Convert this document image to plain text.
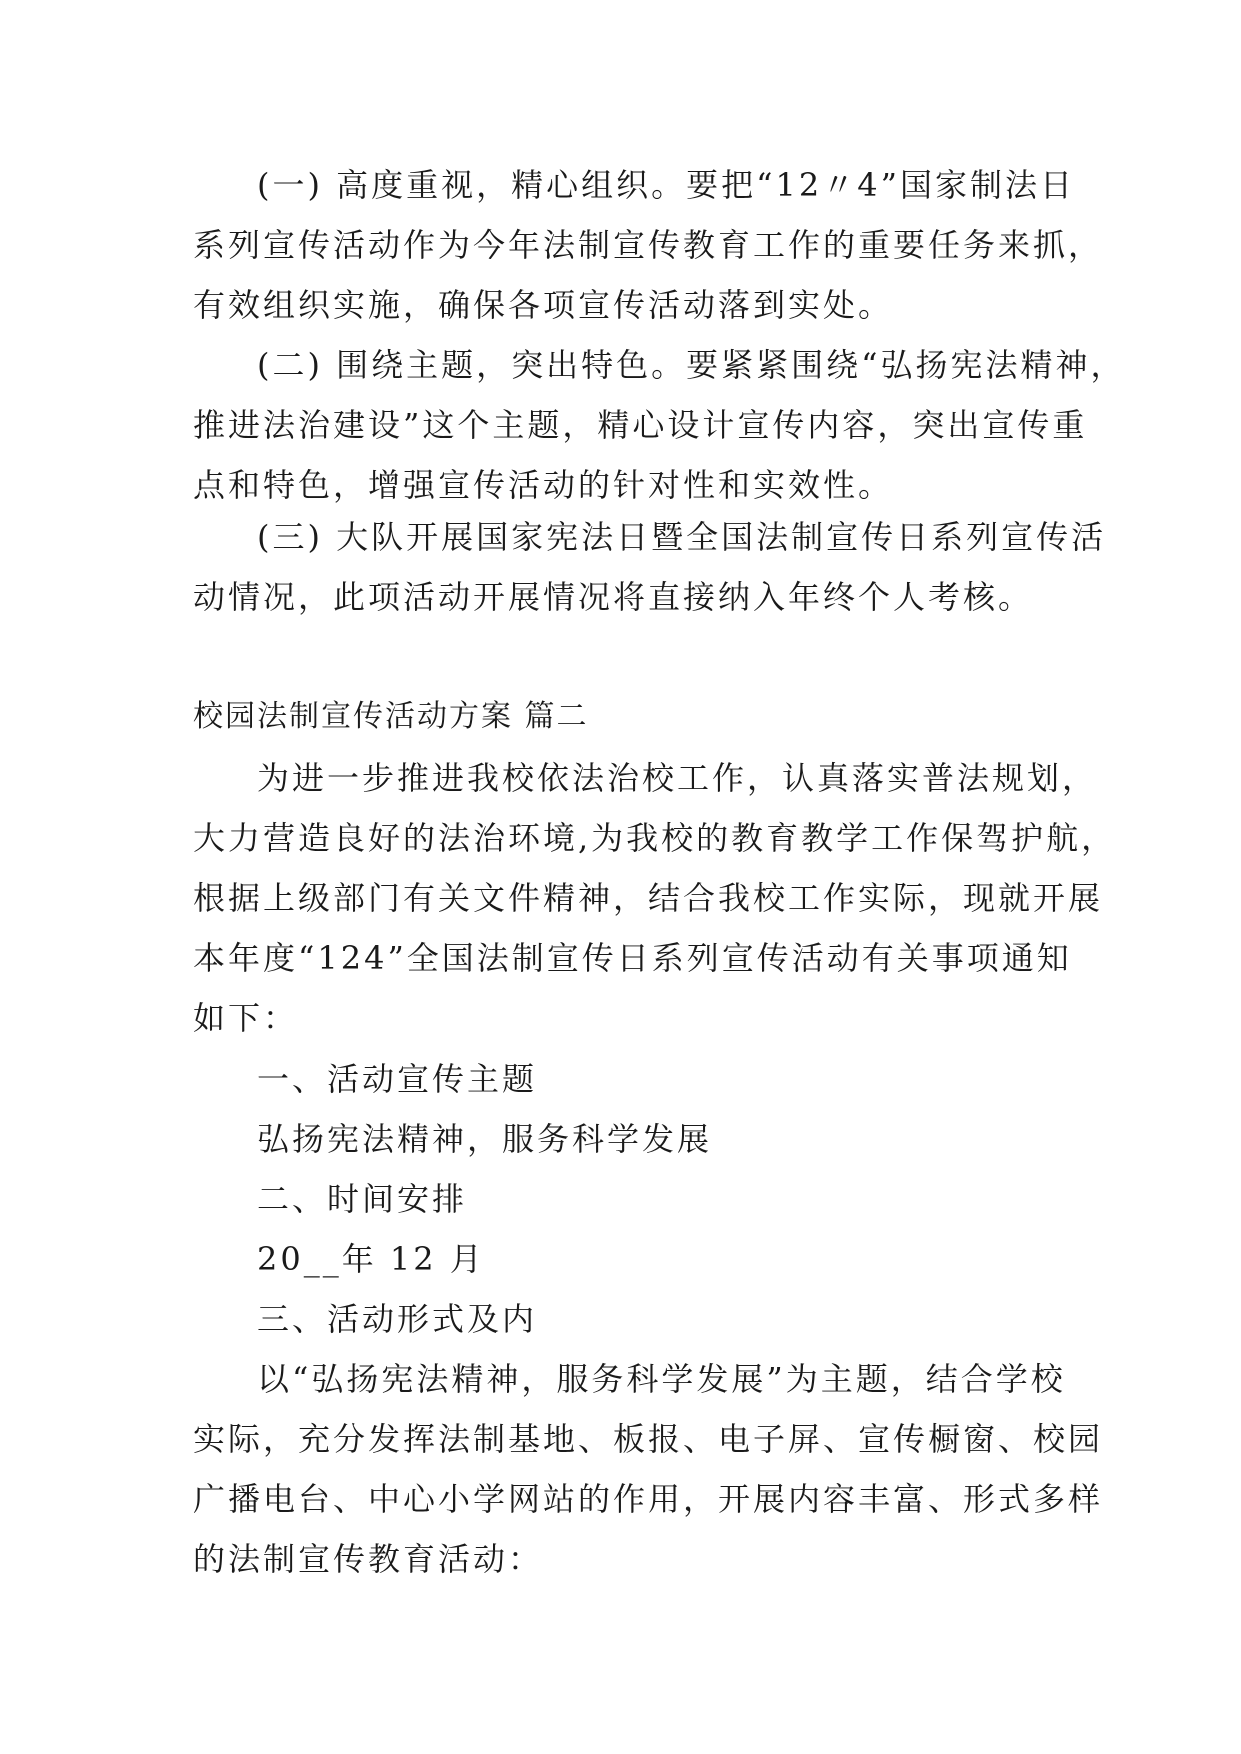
(一) 高度重视，精心组织。要把“12〃4”国家制法日
系列宣传活动作为今年法制宣传教育工作的重要任务来抓，
有效组织实施，确保各项宣传活动落到实处。
(二) 围绕主题，突出特色。要紧紧围绕“弘扬宪法精神，
推进法治建设”这个主题，精心设计宣传内容，突出宣传重
点和特色，增强宣传活动的针对性和实效性。
(三) 大队开展国家宪法日暨全国法制宣传日系列宣传活
动情况，此项活动开展情况将直接纳入年终个人考核。
校园法制宣传活动方案 篇二
为进一步推进我校依法治校工作，认真落实普法规划，
大力营造良好的法治环境,为我校的教育教学工作保驾护航，
根据上级部门有关文件精神，结合我校工作实际，现就开展
本年度“124”全国法制宣传日系列宣传活动有关事项通知
如下：
一、活动宣传主题
弘扬宪法精神，服务科学发展
二、时间安排
20__年 12 月
三、活动形式及内
以“弘扬宪法精神，服务科学发展”为主题，结合学校
实际，充分发挥法制基地、板报、电子屏、宣传橱窗、校园
广播电台、中心小学网站的作用，开展内容丰富、形式多样
的法制宣传教育活动：
